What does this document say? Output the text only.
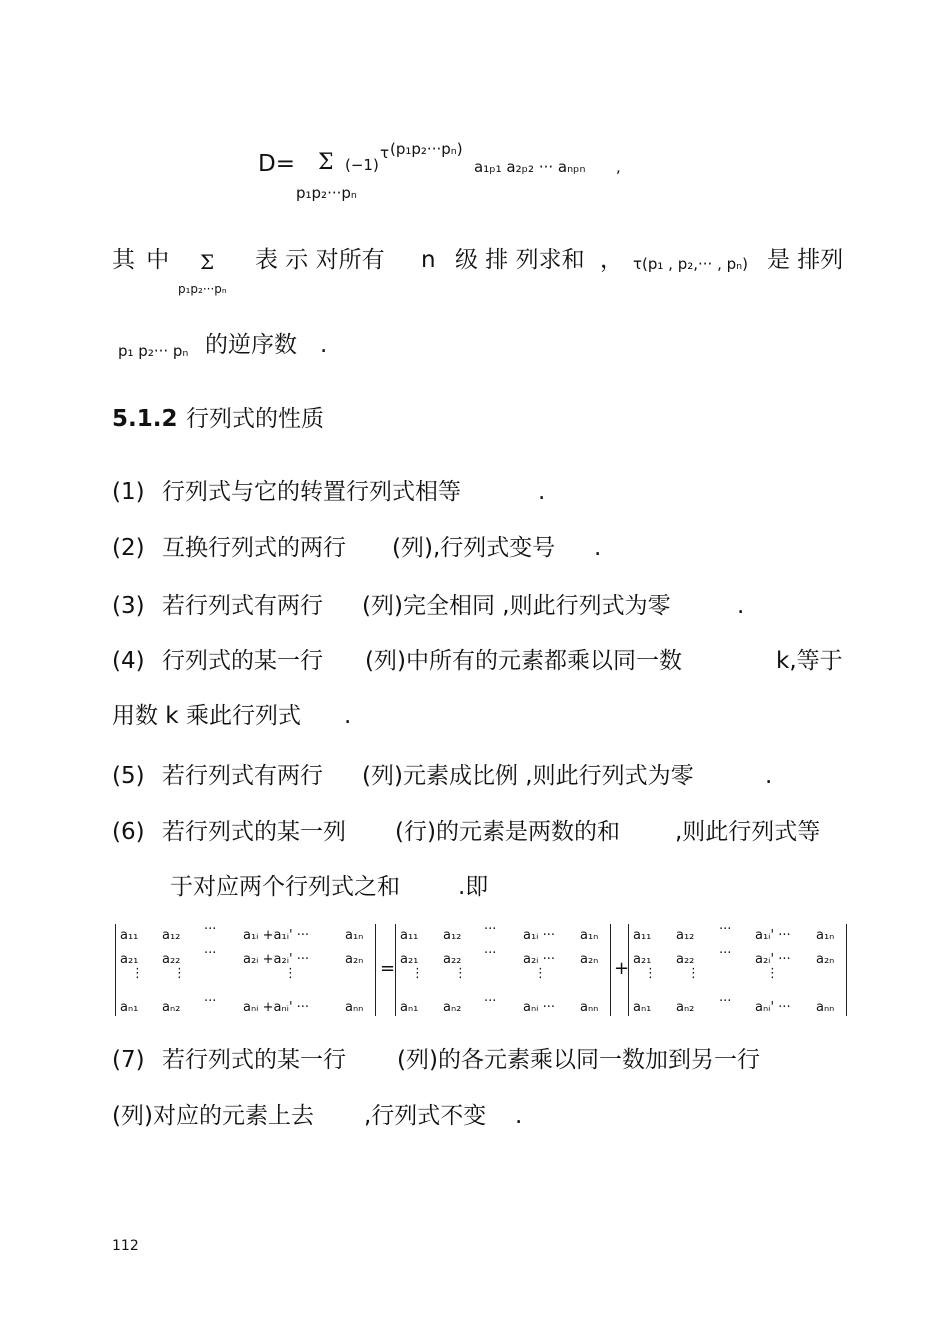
D= Σ (−1)
τ (p₁p₂···pₙ)
a₁ₚ₁ a₂ₚ₂ ··· aₙₚₙ ,
p₁p₂···pₙ
其 中 Σ
p₁p₂···pₙ
表 示 对所有 n 级 排 列求和 ， τ(p₁ , p₂,··· , pₙ) 是 排列
p₁ p₂··· pₙ 的逆序数 .
5.1.2 行列式的性质
(1) 行列式与它的转置行列式相等	.
(2) 互换行列式的两行 (列),行列式变号 .
(3) 若行列式有两行 (列)完全相同 ,则此行列式为零	.
(4) 行列式的某一行 (列)中所有的元素都乘以同一数	k,等于
用数 k 乘此行列式 .
(5) 若行列式有两行 (列)元素成比例 ,则此行列式为零	.
(6) 若行列式的某一列 (行)的元素是两数的和 ,则此行列式等
于对应两个行列式之和	.即
=	+
a₁₁ a₁₂ ··· a₁ᵢ +a₁ᵢ' ···	a₁ₙ
a₂₁ a₂₂ ··· a₂ᵢ +a₂ᵢ' ···	a₂ₙ
⋮ ⋮	⋮
aₙ₁ aₙ₂ ··· aₙᵢ +aₙᵢ' ···	aₙₙ
a₁₁ a₁₂ ··· a₁ᵢ ··· a₁ₙ
a₂₁ a₂₂ ··· a₂ᵢ ··· a₂ₙ
⋮ ⋮	⋮
aₙ₁ aₙ₂ ··· aₙᵢ ··· aₙₙ
a₁₁ a₁₂ ··· a₁ᵢ' ··· a₁ₙ
a₂₁ a₂₂ ··· a₂ᵢ' ··· a₂ₙ
⋮ ⋮	⋮
aₙ₁ aₙ₂ ··· aₙᵢ' ··· aₙₙ
(7) 若行列式的某一行 (列)的各元素乘以同一数加到另一行
(列)对应的元素上去 ,行列式不变 .
112
